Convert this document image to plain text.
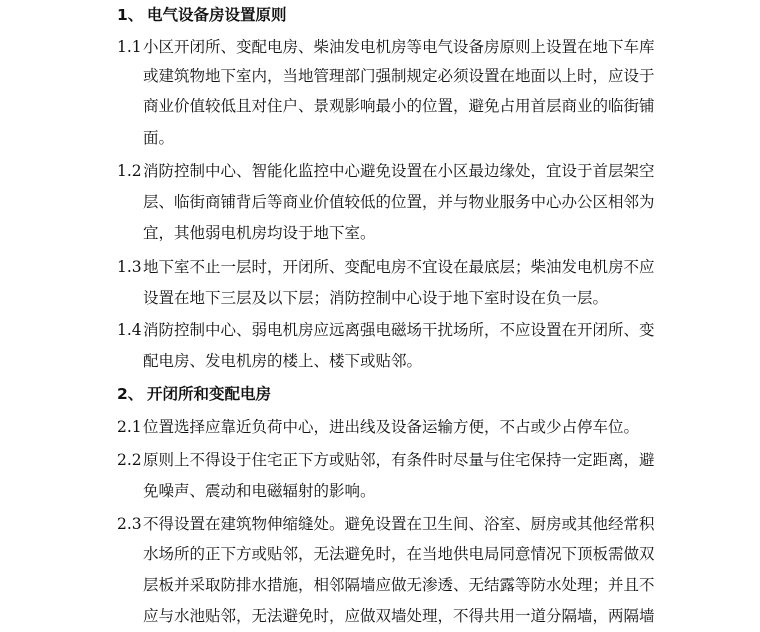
1、 电气设备房设置原则
1.1 小区开闭所、变配电房、柴油发电机房等电气设备房原则上设置在地下车库
或建筑物地下室内，当地管理部门强制规定必须设置在地面以上时，应设于
商业价值较低且对住户、景观影响最小的位置，避免占用首层商业的临街铺
面。
1.2 消防控制中心、智能化监控中心避免设置在小区最边缘处，宜设于首层架空
层、临街商铺背后等商业价值较低的位置，并与物业服务中心办公区相邻为
宜，其他弱电机房均设于地下室。
1.3 地下室不止一层时，开闭所、变配电房不宜设在最底层；柴油发电机房不应
设置在地下三层及以下层；消防控制中心设于地下室时设在负一层。
1.4 消防控制中心、弱电机房应远离强电磁场干扰场所，不应设置在开闭所、变
配电房、发电机房的楼上、楼下或贴邻。
2、 开闭所和变配电房
2.1 位置选择应靠近负荷中心，进出线及设备运输方便，不占或少占停车位。
2.2 原则上不得设于住宅正下方或贴邻，有条件时尽量与住宅保持一定距离，避
免噪声、震动和电磁辐射的影响。
2.3 不得设置在建筑物伸缩缝处。避免设置在卫生间、浴室、厨房或其他经常积
水场所的正下方或贴邻，无法避免时，在当地供电局同意情况下顶板需做双
层板并采取防排水措施，相邻隔墙应做无渗透、无结露等防水处理；并且不
应与水池贴邻，无法避免时，应做双墙处理，不得共用一道分隔墙，两隔墙
